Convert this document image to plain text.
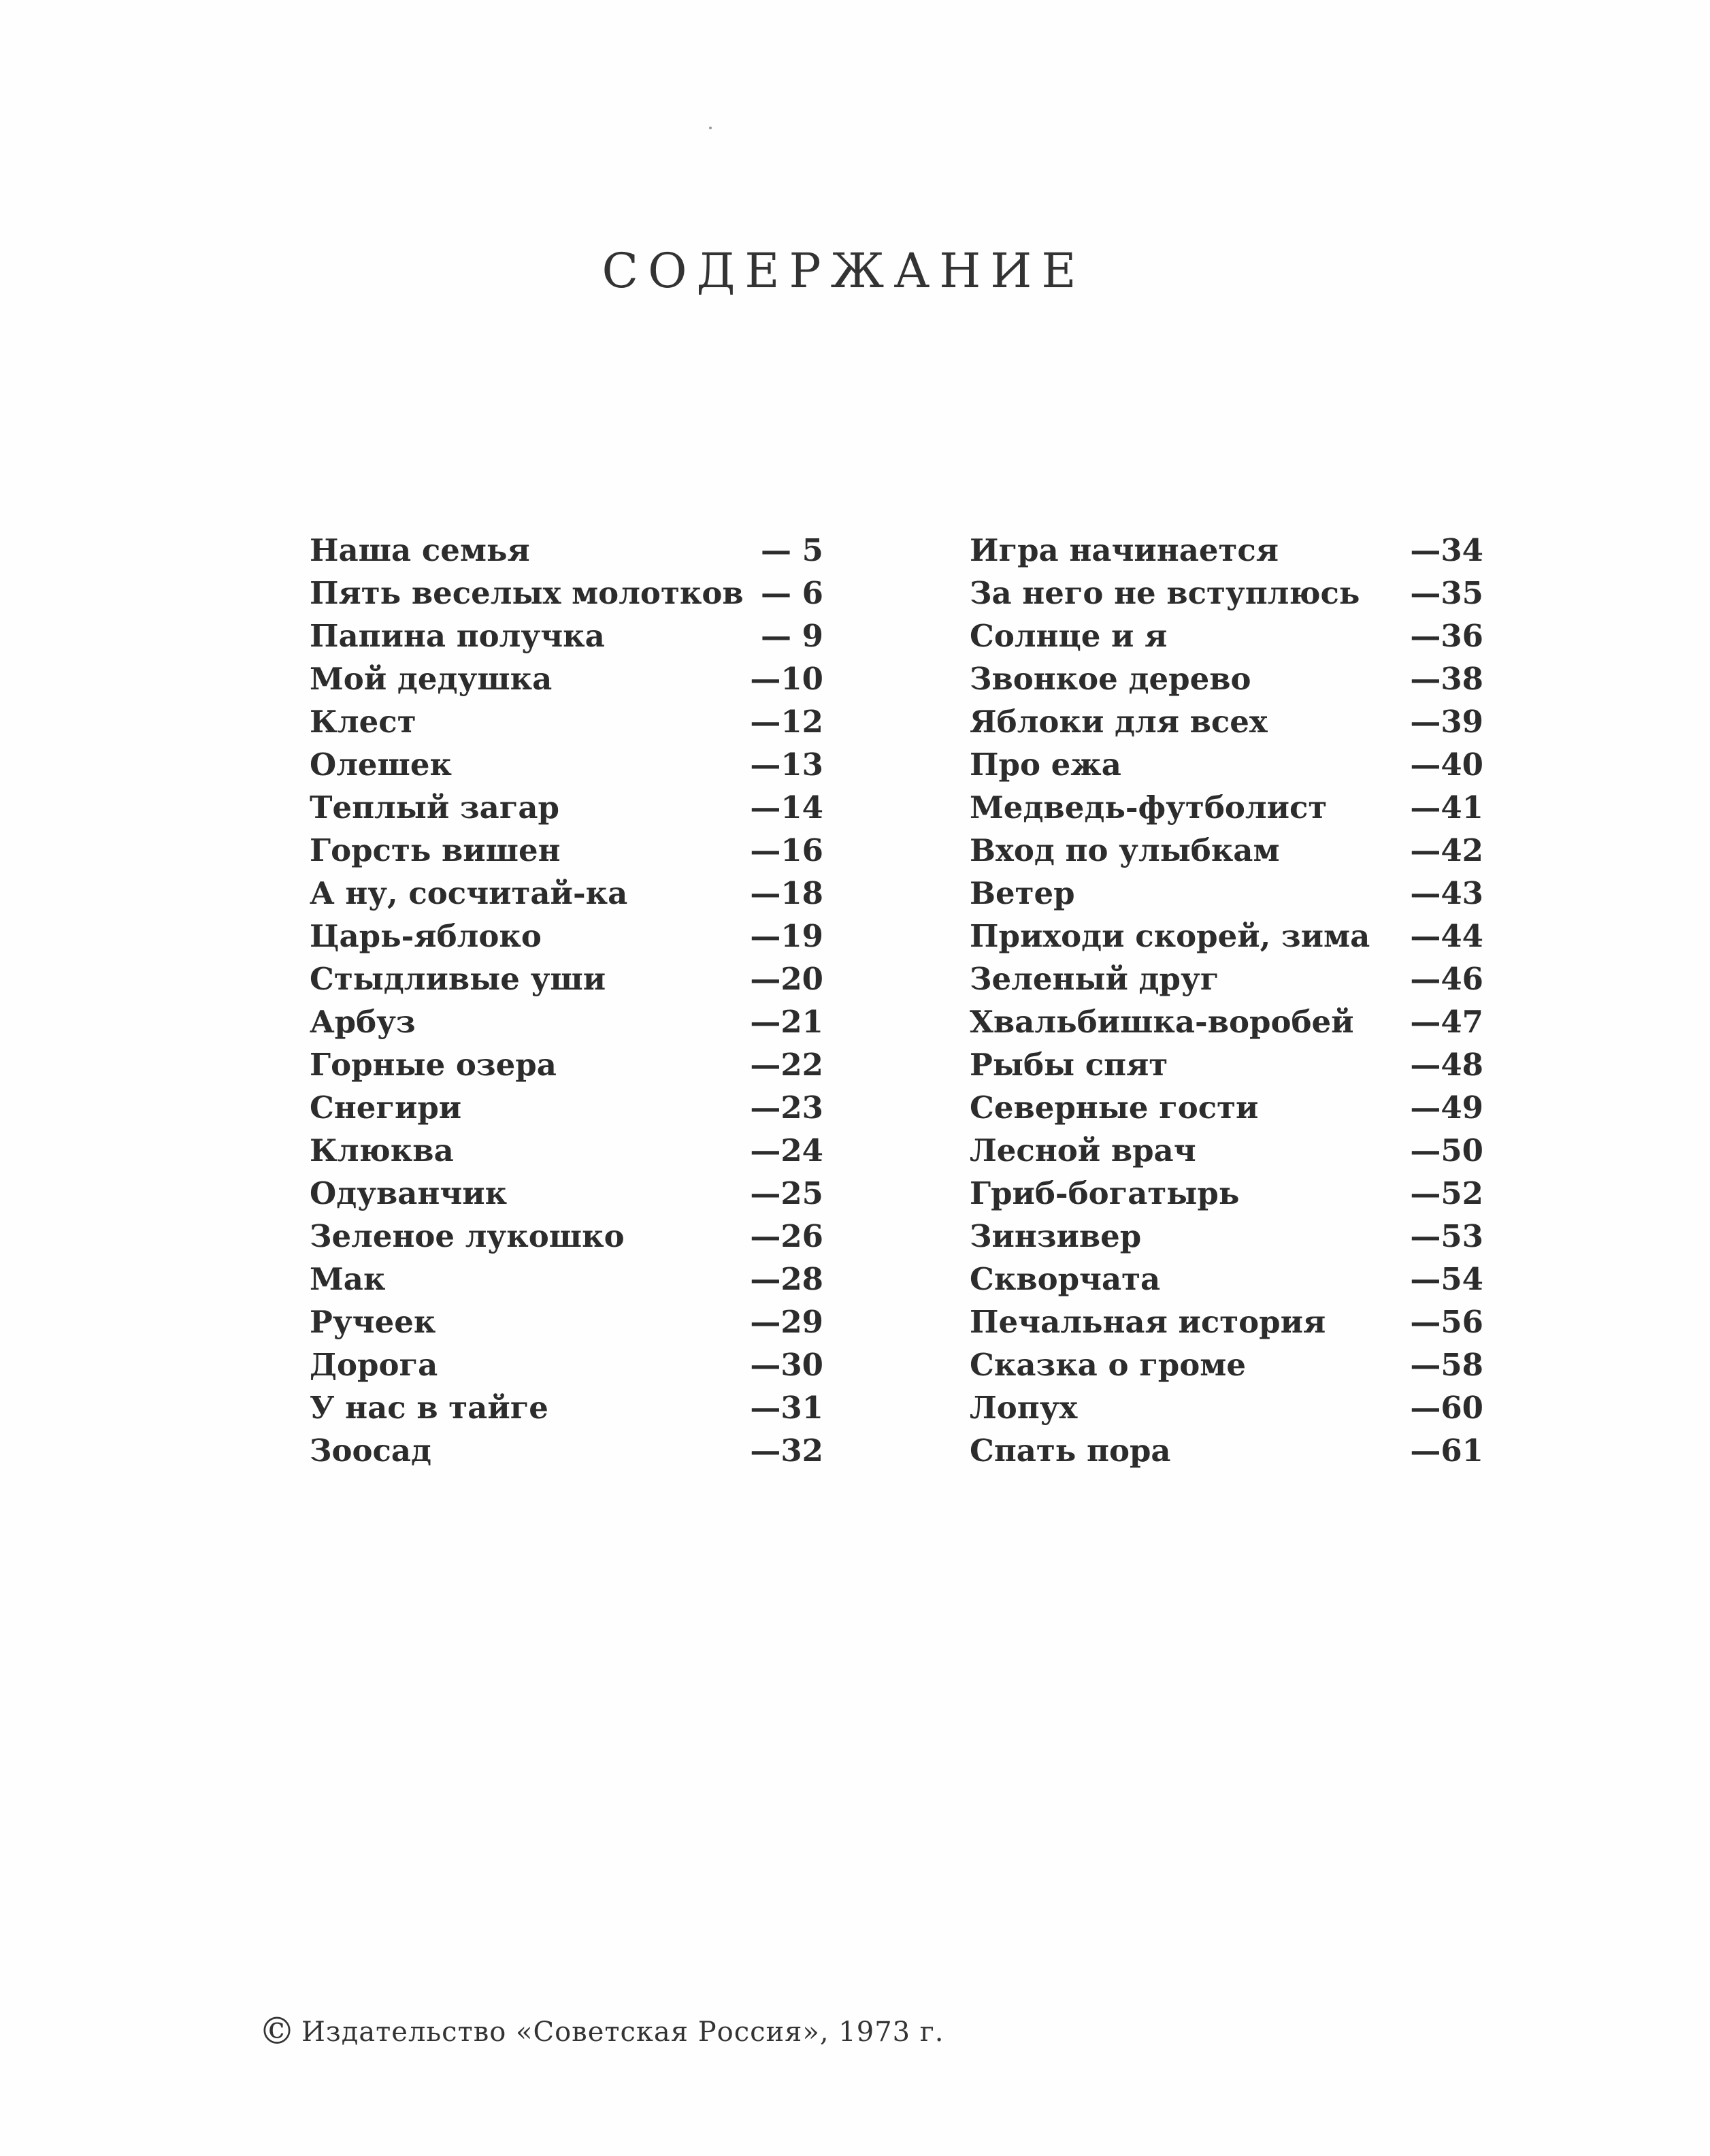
СОДЕРЖАНИЕ
Наша семья	— 5
Пять веселых молотков — 6
Папина получка	— 9
Мой дедушка	—10
Клест	—12
Олешек	—13
Теплый загар	—14
Горсть вишен	—16
А ну, сосчитай-ка	—18
Царь-яблоко	—19
Стыдливые уши	—20
Арбуз	—21
Горные озера	—22
Снегири	—23
Клюква	—24
Одуванчик	—25
Зеленое лукошко	—26
Мак	—28
Ручеек	—29
Дорога	—30
У нас в тайге	—31
Зоосад	—32
Игра начинается	—34
За него не вступлюсь —35
Солнце и я	—36
Звонкое дерево	—38
Яблоки для всех	—39
Про ежа	—40
Медведь-футболист	—41
Вход по улыбкам	—42
Ветер	—43
Приходи скорей, зима —44
Зеленый друг	—46
Хвальбишка-воробей —47
Рыбы спят	—48
Северные гости	—49
Лесной врач	—50
Гриб-богатырь	—52
Зинзивер	—53
Скворчата	—54
Печальная история	—56
Сказка о громе	—58
Лопух	—60
Спать пора	—61
© Издательство «Советская Россия», 1973 г.
